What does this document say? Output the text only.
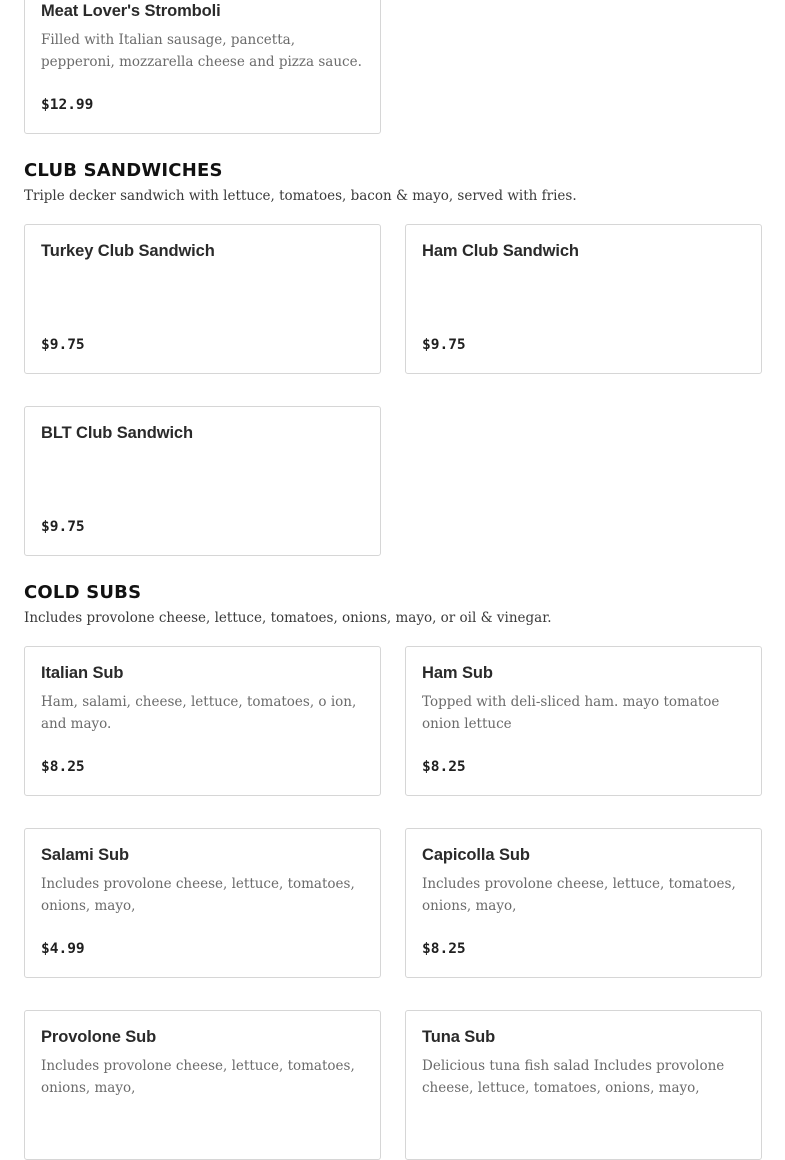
Meat Lover's Stromboli
Filled with Italian sausage, pancetta, pepperoni, mozzarella cheese and pizza sauce.
$12.99
CLUB SANDWICHES
Triple decker sandwich with lettuce, tomatoes, bacon & mayo, served with fries.
Turkey Club Sandwich
$9.75
Ham Club Sandwich
$9.75
BLT Club Sandwich
$9.75
COLD SUBS
Includes provolone cheese, lettuce, tomatoes, onions, mayo, or oil & vinegar.
Italian Sub
Ham, salami, cheese, lettuce, tomatoes, o ion, and mayo.
$8.25
Ham Sub
Topped with deli-sliced ham. mayo tomatoe onion lettuce
$8.25
Salami Sub
Includes provolone cheese, lettuce, tomatoes, onions, mayo,
$4.99
Capicolla Sub
Includes provolone cheese, lettuce, tomatoes, onions, mayo,
$8.25
Provolone Sub
Includes provolone cheese, lettuce, tomatoes, onions, mayo,
Tuna Sub
Delicious tuna fish salad Includes provolone cheese, lettuce, tomatoes, onions, mayo,
